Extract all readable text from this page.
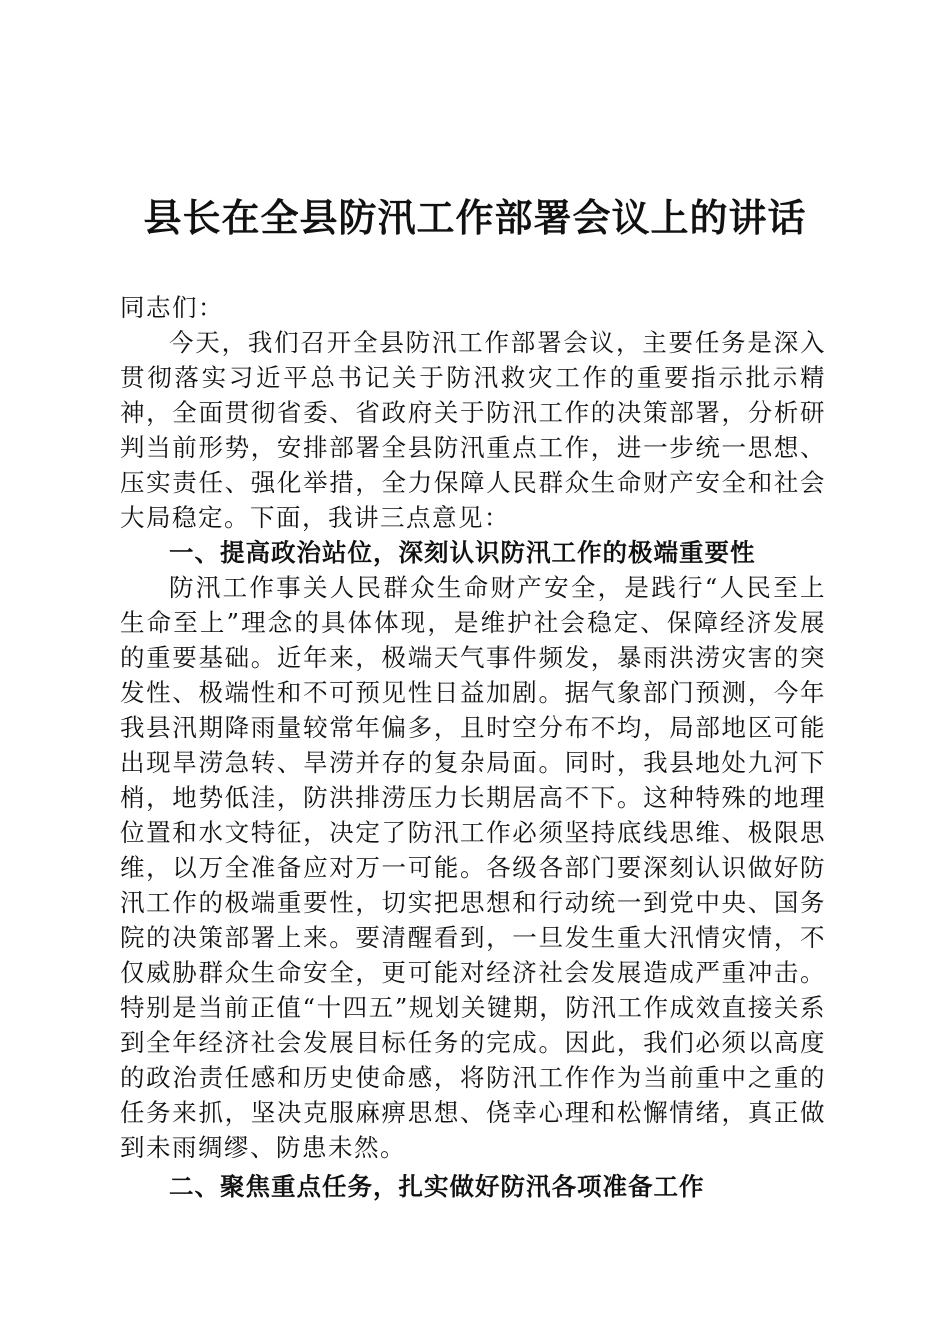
县长在全县防汛工作部署会议上的讲话

同志们：

今天，我们召开全县防汛工作部署会议，主要任务是深入贯彻落实习近平总书记关于防汛救灾工作的重要指示批示精神，全面贯彻省委、省政府关于防汛工作的决策部署，分析研判当前形势，安排部署全县防汛重点工作，进一步统一思想、压实责任、强化举措，全力保障人民群众生命财产安全和社会大局稳定。下面，我讲三点意见：

一、提高政治站位，深刻认识防汛工作的极端重要性

防汛工作事关人民群众生命财产安全，是践行“人民至上生命至上”理念的具体体现，是维护社会稳定、保障经济发展的重要基础。近年来，极端天气事件频发，暴雨洪涝灾害的突发性、极端性和不可预见性日益加剧。据气象部门预测，今年我县汛期降雨量较常年偏多，且时空分布不均，局部地区可能出现旱涝急转、旱涝并存的复杂局面。同时，我县地处九河下梢，地势低洼，防洪排涝压力长期居高不下。这种特殊的地理位置和水文特征，决定了防汛工作必须坚持底线思维、极限思维，以万全准备应对万一可能。各级各部门要深刻认识做好防汛工作的极端重要性，切实把思想和行动统一到党中央、国务院的决策部署上来。要清醒看到，一旦发生重大汛情灾情，不仅威胁群众生命安全，更可能对经济社会发展造成严重冲击。特别是当前正值“十四五”规划关键期，防汛工作成效直接关系到全年经济社会发展目标任务的完成。因此，我们必须以高度的政治责任感和历史使命感，将防汛工作作为当前重中之重的任务来抓，坚决克服麻痹思想、侥幸心理和松懈情绪，真正做到未雨绸缪、防患未然。

二、聚焦重点任务，扎实做好防汛各项准备工作
